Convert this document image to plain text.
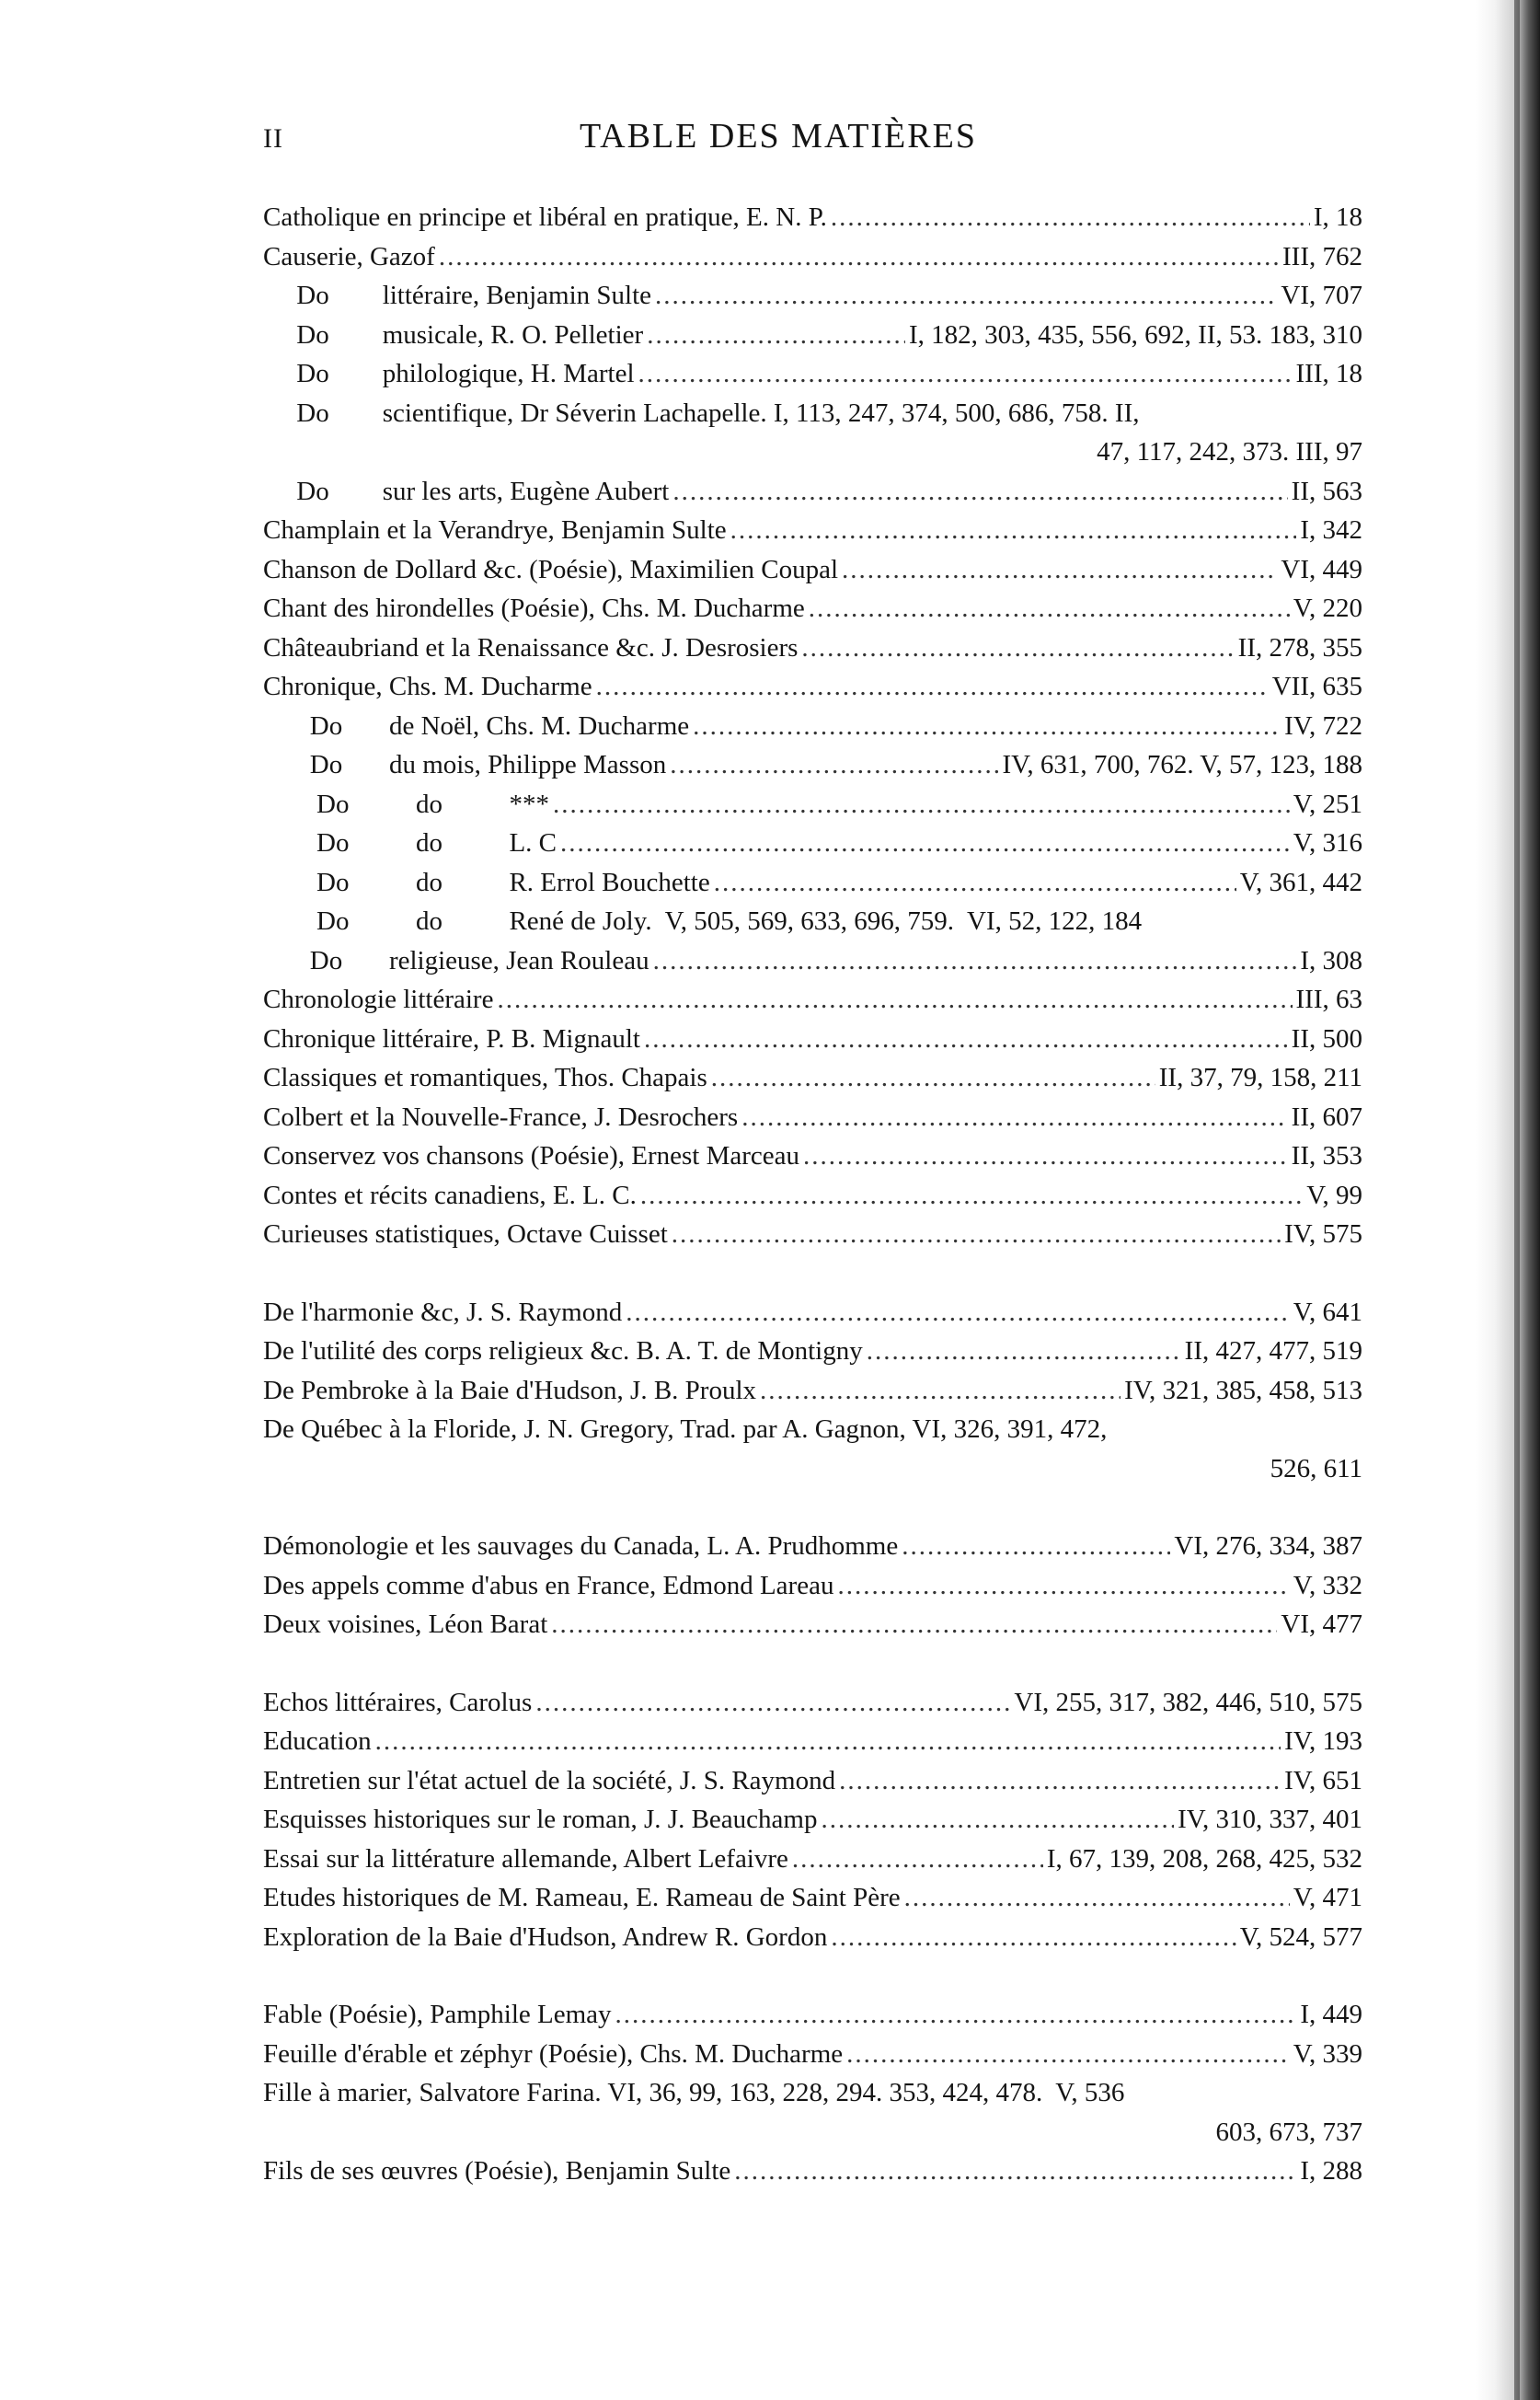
II	TABLE DES MATIÈRES
Catholique en principe et libéral en pratique, E. N. P. .....	I, 18
Causerie, Gazof .....	III, 762
Do        littéraire, Benjamin Sulte .....	VI, 707
Do        musicale, R. O. Pelletier .....	I, 182, 303, 435, 556, 692, II, 53. 183, 310
Do        philologique, H. Martel .....	III, 18
Do        scientifique, Dr Séverin Lachapelle. I, 113, 247, 374, 500, 686, 758. II,
47, 117, 242, 373. III, 97
Do        sur les arts, Eugène Aubert .....	II, 563
Champlain et la Verandrye, Benjamin Sulte .....	I, 342
Chanson de Dollard &c. (Poésie), Maximilien Coupal .....	VI, 449
Chant des hirondelles (Poésie), Chs. M. Ducharme .....	V, 220
Châteaubriand et la Renaissance &c. J. Desrosiers .....	II, 278, 355
Chronique, Chs. M. Ducharme .....	VII, 635
Do       de Noël, Chs. M. Ducharme .....	IV, 722
Do       du mois, Philippe Masson .....	IV, 631, 700, 762. V, 57, 123, 188
Do          do          *** .....	V, 251
Do          do          L. C .....	V, 316
Do          do          R. Errol Bouchette .....	V, 361, 442
Do          do          René de Joly.  V, 505, 569, 633, 696, 759.  VI, 52, 122, 184
Do       religieuse, Jean Rouleau .....	I, 308
Chronologie littéraire .....	III, 63
Chronique littéraire, P. B. Mignault .....	II, 500
Classiques et romantiques, Thos. Chapais .....	II, 37, 79, 158, 211
Colbert et la Nouvelle-France, J. Desrochers .....	II, 607
Conservez vos chansons (Poésie), Ernest Marceau .....	II, 353
Contes et récits canadiens, E. L. C. .....	V, 99
Curieuses statistiques, Octave Cuisset .....	IV, 575
De l'harmonie &c, J. S. Raymond .....	V, 641
De l'utilité des corps religieux &c. B. A. T. de Montigny .....	II, 427, 477, 519
De Pembroke à la Baie d'Hudson, J. B. Proulx .....	IV, 321, 385, 458, 513
De Québec à la Floride, J. N. Gregory, Trad. par A. Gagnon, VI, 326, 391, 472,
526, 611
Démonologie et les sauvages du Canada, L. A. Prudhomme .....	VI, 276, 334, 387
Des appels comme d'abus en France, Edmond Lareau .....	V, 332
Deux voisines, Léon Barat .....	VI, 477
Echos littéraires, Carolus .....	VI, 255, 317, 382, 446, 510, 575
Education .....	IV, 193
Entretien sur l'état actuel de la société, J. S. Raymond .....	IV, 651
Esquisses historiques sur le roman, J. J. Beauchamp .....	IV, 310, 337, 401
Essai sur la littérature allemande, Albert Lefaivre .....	I, 67, 139, 208, 268, 425, 532
Etudes historiques de M. Rameau, E. Rameau de Saint Père .....	V, 471
Exploration de la Baie d'Hudson, Andrew R. Gordon .....	V, 524, 577
Fable (Poésie), Pamphile Lemay .....	I, 449
Feuille d'érable et zéphyr (Poésie), Chs. M. Ducharme .....	V, 339
Fille à marier, Salvatore Farina. VI, 36, 99, 163, 228, 294. 353, 424, 478.  V, 536
603, 673, 737
Fils de ses œuvres (Poésie), Benjamin Sulte .....	I, 288
